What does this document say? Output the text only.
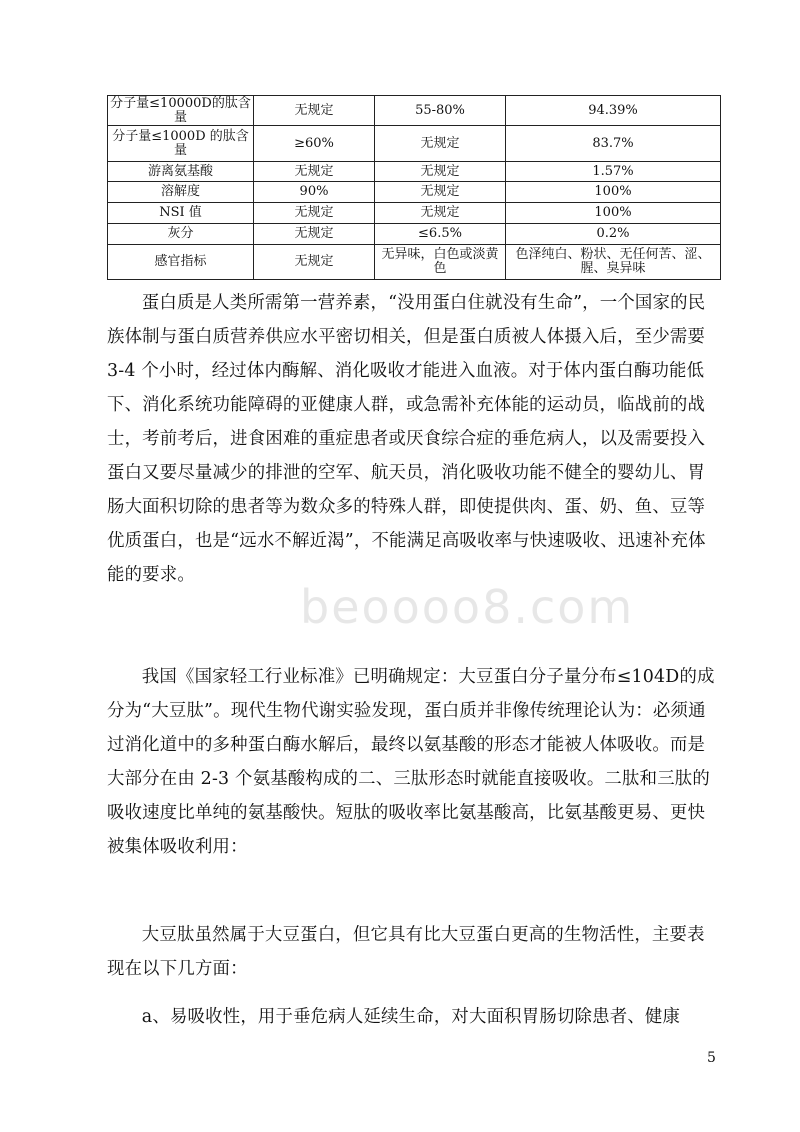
分子量≤10000D的肽含量	无规定	55-80%	94.39%
分子量≤1000D 的肽含量	≥60%	无规定	83.7%
游离氨基酸	无规定	无规定	1.57%
溶解度	90%	无规定	100%
NSI 值	无规定	无规定	100%
灰分	无规定	≤6.5%	0.2%
感官指标	无规定	无异味，白色或淡黄色	色泽纯白、粉状、无任何苦、涩、腥、臭异味
beoooo8.com

蛋白质是人类所需第一营养素，“没用蛋白住就没有生命”，一个国家的民族体制与蛋白质营养供应水平密切相关，但是蛋白质被人体摄入后，至少需要 3-4 个小时，经过体内酶解、消化吸收才能进入血液。对于体内蛋白酶功能低下、消化系统功能障碍的亚健康人群，或急需补充体能的运动员，临战前的战士，考前考后，进食困难的重症患者或厌食综合症的垂危病人，以及需要投入蛋白又要尽量减少的排泄的空军、航天员，消化吸收功能不健全的婴幼儿、胃肠大面积切除的患者等为数众多的特殊人群，即使提供肉、蛋、奶、鱼、豆等优质蛋白，也是“远水不解近渴”，不能满足高吸收率与快速吸收、迅速补充体能的要求。

我国《国家轻工行业标准》已明确规定：大豆蛋白分子量分布≤104D的成分为“大豆肽”。现代生物代谢实验发现，蛋白质并非像传统理论认为：必须通过消化道中的多种蛋白酶水解后，最终以氨基酸的形态才能被人体吸收。而是大部分在由 2-3 个氨基酸构成的二、三肽形态时就能直接吸收。二肽和三肽的吸收速度比单纯的氨基酸快。短肽的吸收率比氨基酸高，比氨基酸更易、更快被集体吸收利用：

大豆肽虽然属于大豆蛋白，但它具有比大豆蛋白更高的生物活性，主要表现在以下几方面：

a、易吸收性，用于垂危病人延续生命，对大面积胃肠切除患者、健康

5
